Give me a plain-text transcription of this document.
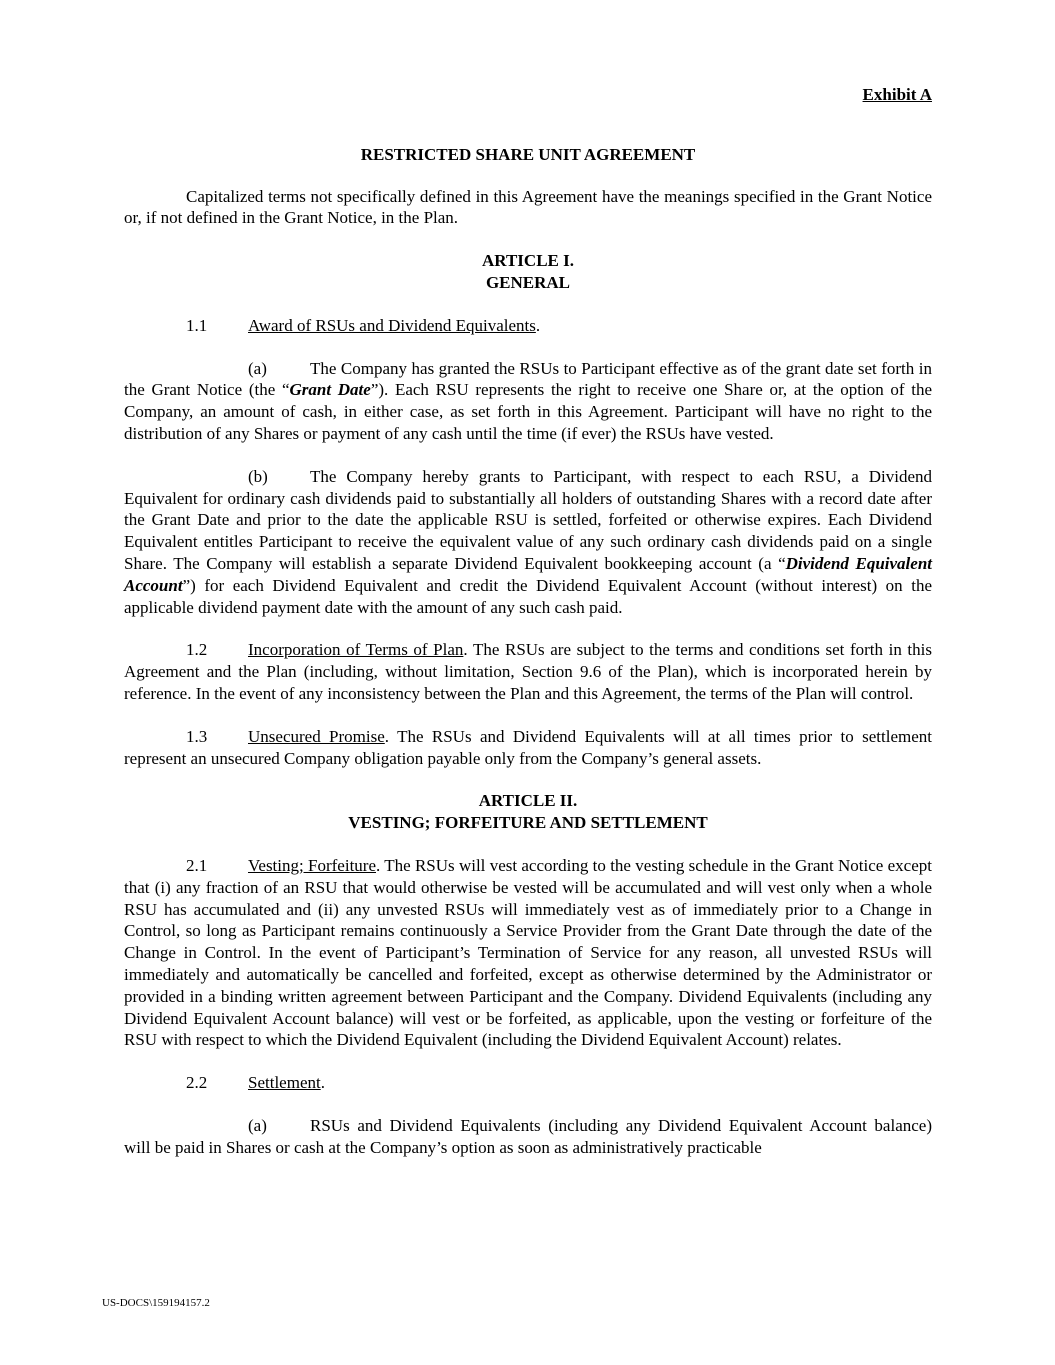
Exhibit A

RESTRICTED SHARE UNIT AGREEMENT

Capitalized terms not specifically defined in this Agreement have the meanings specified in the Grant Notice or, if not defined in the Grant Notice, in the Plan.

ARTICLE I.
GENERAL

1.1 Award of RSUs and Dividend Equivalents.

(a)	The Company has granted the RSUs to Participant effective as of the grant date set forth in the Grant Notice (the “Grant Date”). Each RSU represents the right to receive one Share or, at the option of the Company, an amount of cash, in either case, as set forth in this Agreement. Participant will have no right to the distribution of any Shares or payment of any cash until the time (if ever) the RSUs have vested.

(b) The Company hereby grants to Participant, with respect to each RSU, a Dividend Equivalent for ordinary cash dividends paid to substantially all holders of outstanding Shares with a record date after the Grant Date and prior to the date the applicable RSU is settled, forfeited or otherwise expires. Each Dividend Equivalent entitles Participant to receive the equivalent value of any such ordinary cash dividends paid on a single Share. The Company will establish a separate Dividend Equivalent bookkeeping account (a “Dividend Equivalent Account”) for each Dividend Equivalent and credit the Dividend Equivalent Account (without interest) on the applicable dividend payment date with the amount of any such cash paid.

1.2 Incorporation of Terms of Plan. The RSUs are subject to the terms and conditions set forth in this Agreement and the Plan (including, without limitation, Section 9.6 of the Plan), which is incorporated herein by reference. In the event of any inconsistency between the Plan and this Agreement, the terms of the Plan will control.

1.3 Unsecured Promise. The RSUs and Dividend Equivalents will at all times prior to settlement represent an unsecured Company obligation payable only from the Company’s general assets.

ARTICLE II.
VESTING; FORFEITURE AND SETTLEMENT

2.1 Vesting; Forfeiture. The RSUs will vest according to the vesting schedule in the Grant Notice except that (i) any fraction of an RSU that would otherwise be vested will be accumulated and will vest only when a whole RSU has accumulated and (ii) any unvested RSUs will immediately vest as of immediately prior to a Change in Control, so long as Participant remains continuously a Service Provider from the Grant Date through the date of the Change in Control. In the event of Participant’s Termination of Service for any reason, all unvested RSUs will immediately and automatically be cancelled and forfeited, except as otherwise determined by the Administrator or provided in a binding written agreement between Participant and the Company. Dividend Equivalents (including any Dividend Equivalent Account balance) will vest or be forfeited, as applicable, upon the vesting or forfeiture of the RSU with respect to which the Dividend Equivalent (including the Dividend Equivalent Account) relates.

2.2 Settlement.

(a)	RSUs and Dividend Equivalents (including any Dividend Equivalent Account balance) will be paid in Shares or cash at the Company’s option as soon as administratively practicable

US-DOCS\159194157.2
